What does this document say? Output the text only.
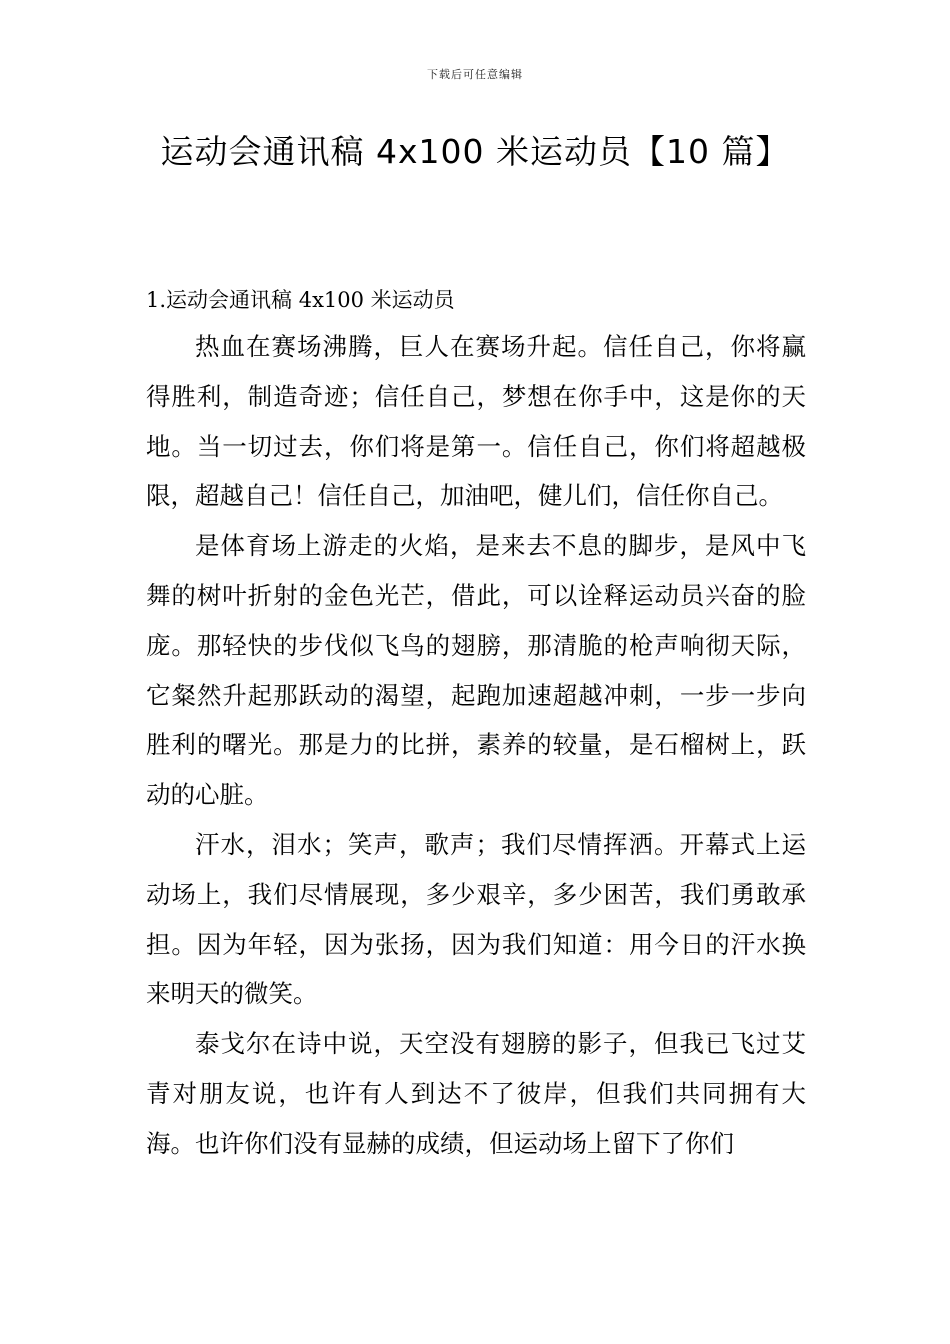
下载后可任意编辑
运动会通讯稿 4x100 米运动员【10 篇】
1.运动会通讯稿 4x100 米运动员

热血在赛场沸腾，巨人在赛场升起。信任自己，你将赢得胜利，制造奇迹；信任自己，梦想在你手中，这是你的天地。当一切过去，你们将是第一。信任自己，你们将超越极限，超越自己！信任自己，加油吧，健儿们，信任你自己。

是体育场上游走的火焰，是来去不息的脚步，是风中飞舞的树叶折射的金色光芒，借此，可以诠释运动员兴奋的脸庞。那轻快的步伐似飞鸟的翅膀，那清脆的枪声响彻天际，它粲然升起那跃动的渴望，起跑加速超越冲刺，一步一步向胜利的曙光。那是力的比拼，素养的较量，是石榴树上，跃动的心脏。

汗水，泪水；笑声，歌声；我们尽情挥洒。开幕式上运动场上，我们尽情展现，多少艰辛，多少困苦，我们勇敢承担。因为年轻，因为张扬，因为我们知道：用今日的汗水换来明天的微笑。

泰戈尔在诗中说，天空没有翅膀的影子，但我已飞过艾青对朋友说，也许有人到达不了彼岸，但我们共同拥有大海。也许你们没有显赫的成绩，但运动场上留下了你们
